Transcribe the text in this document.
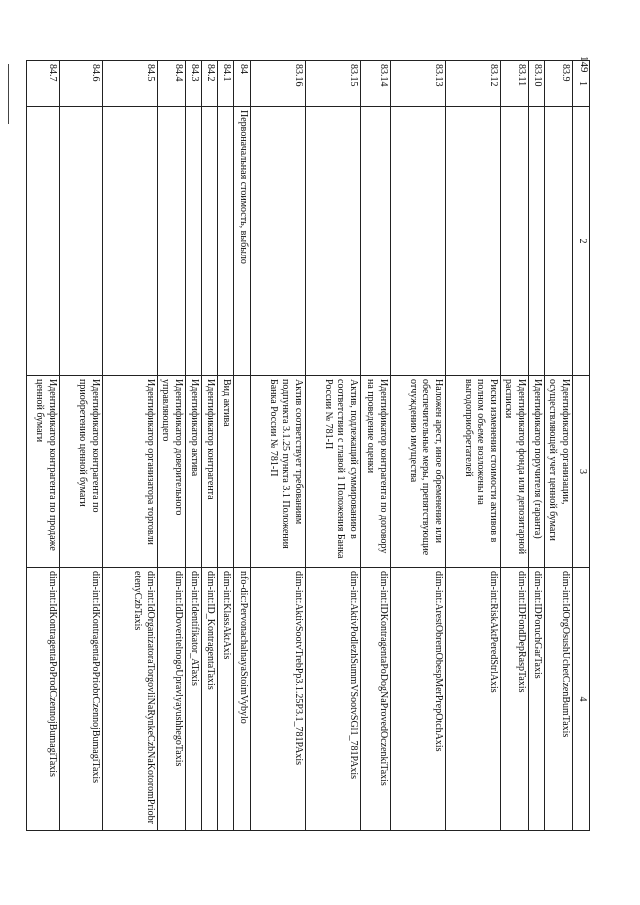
149
1	2	3	4
83.9		Идентификатор организации, осуществляющей учет ценной бумаги	dim-int:IdOrgOsushUchetCzenBumTaxis
83.10		Идентификатор поручителя (гаранта)	dim-int:IDPoruchGarTaxis
83.11		Идентификатор фонда или депозитарной расписки	dim-int:IDFondDepRaspTaxis
83.12		Риски изменения стоимости активов в полном объеме возложены на выгодоприобретателей	dim-int:RiskAktPeredStrlAxis
83.13		Наложен арест, иное обременение или обеспечительные меры, препятствующие отчуждению имущества	dim-int:ArestObremObespMerPrepOtchAxis
83.14		Идентификатор контрагента по договору на проведение оценки	dim-int:IDKontragentaPoDogNaProvedOczenkiTaxis
83.15		Актив, подлежащий суммированию в соответствии с главой 1 Положения Банка России № 781-П	dim-int:AktivPodlezhSummVSootvSGl1_781PAxis
83.16		Актив соответствует требованиям подпункта 3.1.25 пункта 3.1 Положения Банка России № 781-П	dim-int:AktivSootvTrebPp3.1.25P3.1_781PAxis
84	Первоначальная стоимость, выбыло		nfo-dic:PervonachalnayaStoimVybylo
84.1		Вид актива	dim-int:KlassAktAxis
84.2		Идентификатор контрагента	dim-int:ID_KontragentaTaxis
84.3		Идентификатор актива	dim-int:Identifikator_ATaxis
84.4		Идентификатор доверительного управляющего	dim-int:IdDoveritelnogoUpravlyayushhegoTaxis
84.5		Идентификатор организатора торговли	dim-int:IdOrganizatoraTorgovliNaRynkeCzbNaKotoromPriobretenyCzbTaxis
84.6		Идентификатор контрагента по приобретению ценной бумаги	dim-int:IdKontragentaPoPriobrCzennojBumagiTaxis
84.7		Идентификатор контрагента по продаже ценной бумаги	dim-int:IdKontragentaPoProdCzennojBumagiTaxis
